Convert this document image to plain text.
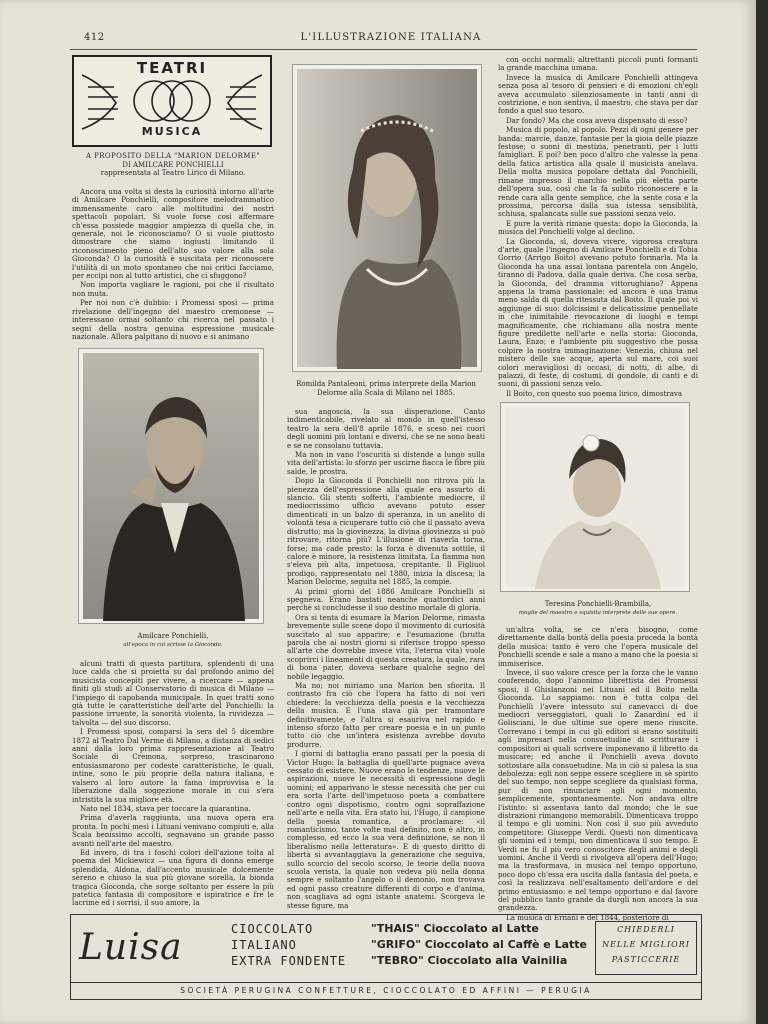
412	L'ILLUSTRAZIONE ITALIANA
TEATRI
MUSICA
A PROPOSITO DELLA "MARION DELORME"
DI AMILCARE PONCHIELLI
rappresentata al Teatro Lirico di Milano.

Ancora una volta si desta la curiosità intorno all'arte di Amilcare Ponchielli, compositore melodrammatico immensamente caro alle moltitudini dei nostri spettacoli popolari. Si vuole forse così affermare ch'essa possiede maggior ampiezza di quella che, in generale, noi le riconosciamo? O si vuole piuttosto dimostrare che siamo ingiusti limitando il riconoscimento pieno dell'alto suo valore alla sola Gioconda? O la curiosità è suscitata per riconoscere l'utilità di un moto spontaneo che noi critici facciamo, per eccipi non al tutto artistici, che ci sfuggono?

Non importa vagliare le ragioni, poi che il risultato non muta.

Per noi non c'è dubbio: i Promessi sposi — prima rivelazione dell'ingegno del maestro cremonese — interessano ormai soltanto chi ricerca nel passato i segni della nostra genuina espressione musicale nazionale. Allora palpitano di nuovo e si animano

Amilcare Ponchielli,
all'epoca in cui scrisse la Gioconda.

alcuni tratti di questa partitura, splendenti di una luce calda che si proietta su dal profondo animo del musicista concepiti per vivere, a ricercare — appena finiti gli studi al Conservatorio di musica di Milano — l'impiego di capobanda municipale. In quei tratti sono già tutte le caratteristiche dell'arte del Ponchielli: la passione irruente, la sonorità violenta, la ruvidezza — talvolta — del suo discorso.

I Promessi sposi, comparsi la sera del 5 dicembre 1872 al Teatro Dal Verme di Milano, a distanza di sedici anni dalla loro prima rappresentazione al Teatro Sociale di Cremona, sorpreso, trascinarono entusiasmarono per codeste caratteristiche, le quali, intine, sono le più proprie della natura italiana, e valsero al loro autore la fama improvvisa e la liberazione dalla soggezione morale in cui s'era intristita la sua migliore età.

Nato nel 1834, stava per toccare la quarantina.

Prima d'averla raggiunta, una nuova opera era pronta. In pochi mesi i Lituani venivano compiuti e, alla Scala benissimo accolti, segnavano un grande passo avanti nell'arte del maestro.

Ed invero, di tra i foschi colori dell'azione tolta al poema del Mickiewicz — una figura di donna emerge splendida, Aldona, dall'accento musicale dolcemente sereno e chiuso la sua più giovane sorella, la bionda tragica Gioconda, che sorge soltanto per essere la più patetica fantasia di compositore e ispiratrice e fre le lacrime ed i sorrisi, il suo amore, la

Romilda Pantaleoni, prima interprete della Marion Delorme alla Scala di Milano nel 1885.

sua angoscia, la sua disperazione. Canto indimenticabile, rivelato al mondo in quell'istesso teatro la sera dell'8 aprile 1876, e sceso nei cuori degli uomini più lontani e diversi, che se ne sono beati e se ne consolano tuttavia.

Ma non in vano l'oscurità si distende a lungo sulla vita dell'artista: lo sforzo per uscirne fiacca le fibre più salde, le prostra.

Dopo la Gioconda il Ponchielli non ritrova più la pienezza dell'espressione alla quale era assurto di slancio. Gli stenti sofferti, l'ambiente mediocre, il mediocrissimo ufficio avevano potuto esser dimenticati in un balzo di speranza, in un anelito di volontà tesa a ricuperare tutto ciò che il passato aveva distrutto; ma la giovinezza, la divina giovinezza si può ritrovare, ritorna più? L'illusione di riaverla torna, forse; ma cade presto: la forza è divenuta sottile, il calore è minore, la resistenza limitata. La fiamma non s'eleva più alta, impetuosa, crepitante. Il Figliuol prodigo, rappresentato nel 1880, inizia la discesa; la Marion Delorme, seguita nel 1885, la compie.

Ai primi giorni del 1886 Amilcare Ponchielli si spegneva. Erano bastati neanche quattordici anni perchè si concludesse il suo destino mortale di gloria.

Ora si tenta di esumare la Marion Delorme, rimasta brevemente sulle scene dopo il movimento di curiosità suscitato al suo apparire; e l'esumazione (brutta parola che ai nostri giorni si riferisce troppo spesso all'arte che dovrebbe invece vita, l'eterna vita) vuole scoprirci i lineamenti di questa creatura, la quale, rara di bona pater, doveva serbare qualche segno del nobile legaggio.

Ma no; noi miriamo una Marion ben sfiorita. Il contrasto fra ciò che l'opera ha fatto di noi veri chiedere: la vecchiezza della poesia e la vecchiezza della musica. E l'una stava già per tramontare definitivamente, e l'altra si esauriva nel rapido e intenso sforzo fatto per creare poesia e in un punto tutto ciò che un'intera esistenza avrebbe dovuto produrre.

I giorni di battaglia erano passati per la poesia di Victor Hugo: la battaglia di quell'arte pugnace aveva cessato di esistere. Nuove erano le tendenze, nuove le aspirazioni, nuove le necessità di espressione degli uomini; ed apparivano le stesse necessità che per cui era sorta l'arte dell'impetuoso poeta a combattere contro ogni dispotismo, contro ogni sopraffazione nell'arte e nella vita. Era stato lui, l'Hugo, il campione della poesia romantica, a proclamare: «il romanticismo, tante volte mal definito, non è altro, in complesso, ed ecco la sua vera definizione, se non il liberalismo nella letteratura». E di questo diritto di libertà si avvantaggiava la generazione che seguiva, sullo scorcio del secolo scorso, le teorie della nuova scuola verista, la quale non vedeva più nella donna sempre e soltanto l'angelo o il demonio, non trovava ed ogni passo creature differenti di corpo e d'anima, non scagliava ad ogni istante anatemi. Scorgeva le stesse figure, ma

con occhi normali: altrettanti piccoli punti formanti la grande macchina umana.

Invece la musica di Amilcare Ponchielli attingeva senza posa al tesoro di pensieri e di emozioni ch'egli aveva accumulato silenziosamente in tanti anni di costrizione, e non sentiva, il maestro, che stava per dar fondo a quel suo tesoro.

Dar fondo? Ma che cosa aveva dispensato di esso?

Musica di popolo, al popolo. Pezzi di ogni genere per banda: marcie, danze, fantasie per la gioia delle piazze festose; o suoni di mestizia, penetranti, per i lutti famigliari. E poi? ben poco d'altro che valesse la pena della fatica artistica alla quale il musicista anelava. Della molta musica popolare dettata dal Ponchielli, rimane impresso il marchio nella più eletta parte dell'opera sua, così che la fa subito riconoscere e la rende cara alla gente semplice, che la sente cosa e la prossima, percorsa dalla sua istessa sensibilità, schiusa, spalancata sulle sue passioni senza velo.

E pure la verità rimane questa: dopo la Gioconda, la musica del Ponchielli volge al declino.

La Gioconda, sì, doveva vivere, vigorosa creatura d'arte, quale l'ingegno di Amilcare Ponchielli e di Tobia Gorrio (Arrigo Boito) avevano potuto formarla. Ma la Gioconda ha una assai lontana parentela con Angelo, tiranno di Padova, dalla quale deriva. Che cosa serba, la Gioconda, del dramma vittorughiano? Appena appena la trama passionale: ed ancora è una trama meno salda di quella ritessuta dal Boito. Il quale poi vi aggiunge di suo: dolcissimi e delicatissime pennellate in che inimitabile rievocazione di luoghi e tempi magnificamente, che richiamano alla nostra mente figure predilette nell'arte e nella storia: Gioconda, Laura, Enzo; e l'ambiente più suggestivo che possa colpire la nostra immaginazione: Venezia, chiusa nel mistero delle sue acque, aperta sul mare, coi suoi colori meravigliosi di occasi, di notti, di albe, di palazzi, di feste, di costumi, di gondole, di canti e di suoni, di passioni senza velo.

Il Boito, con questo suo poema lirico, dimostrava

Teresina Ponchielli-Brambilla,
moglie del maestro e squisita interprete delle sue opere.

un'altra volta, se ce n'era bisogno, come direttamente dalla bontà della poesia proceda la bontà della musica: tanto è vero che l'opera musicale del Ponchielli scende e sale a mano a mano che la poesia si immiserisce.

Invece, il suo valore cresce per la forza che le vanno conferendo, dopo l'anonimo librettista dei Promessi sposi, il Ghislanzoni nei Lituani ed il Boito nella Gioconda. Lo sappiamo: non è tutta colpa del Ponchielli l'avere intessuto sui canevacci di due mediocri verseggiatori, quali lo Zanardini ed il Golisciani, le due ultime sue opere meno riuscite. Correvano i tempi in cui gli editori si erano sostituiti agli impresari nella consuetudine di scritturare i compositori ai quali scrivere imponevano il libretto da musicare; ed anche il Ponchielli aveva dovuto sottostare alla consuetudine. Ma in ciò si palesa la sua debolezza: egli non seppe essere scegliere in sè spirito del suo tempo, non seppe scegliere da qualsiasi forma, pur di non rinunciare agli ogni momento, semplicemente, spontaneamente. Non andava oltre l'istinto: si assentava tanto dal mondo; che le sue distrazioni rimangono memorabili. Dimenticava troppo il tempo e gli uomini. Non così il suo più avveduto competitore: Giuseppe Verdi. Questi non dimenticava gli uomini ed i tempi, non dimenticava il suo tempo. E Verdi ne fu il più vero conoscitore degli animi e degli uomini. Anche il Verdi si rivolgeva all'opera dell'Hugo; ma la trasformava, in musica nel tempo opportuno, poco dopo ch'essa era uscita dalla fantasia del poeta, e così la realizzava nell'esaltamento dell'ardore e del primo entusiasmo: e nel tempo opportuno e dal favore del pubblico tanto grande da durgli non ancora la sua grandezza.

La musica di Ernani è del 1844, posteriore di

Luisa	CIOCCOLATO
ITALIANO
EXTRA FONDENTE
"THAIS" Cioccolato al Latte
"GRIFO" Cioccolato al Caffè e Latte
"TEBRO" Cioccolato alla Vainilia
CHIEDERLI
NELLE MIGLIORI
PASTICCERIE
SOCIETÀ PERUGINA CONFETTURE, CIOCCOLATO ED AFFINI — PERUGIA
